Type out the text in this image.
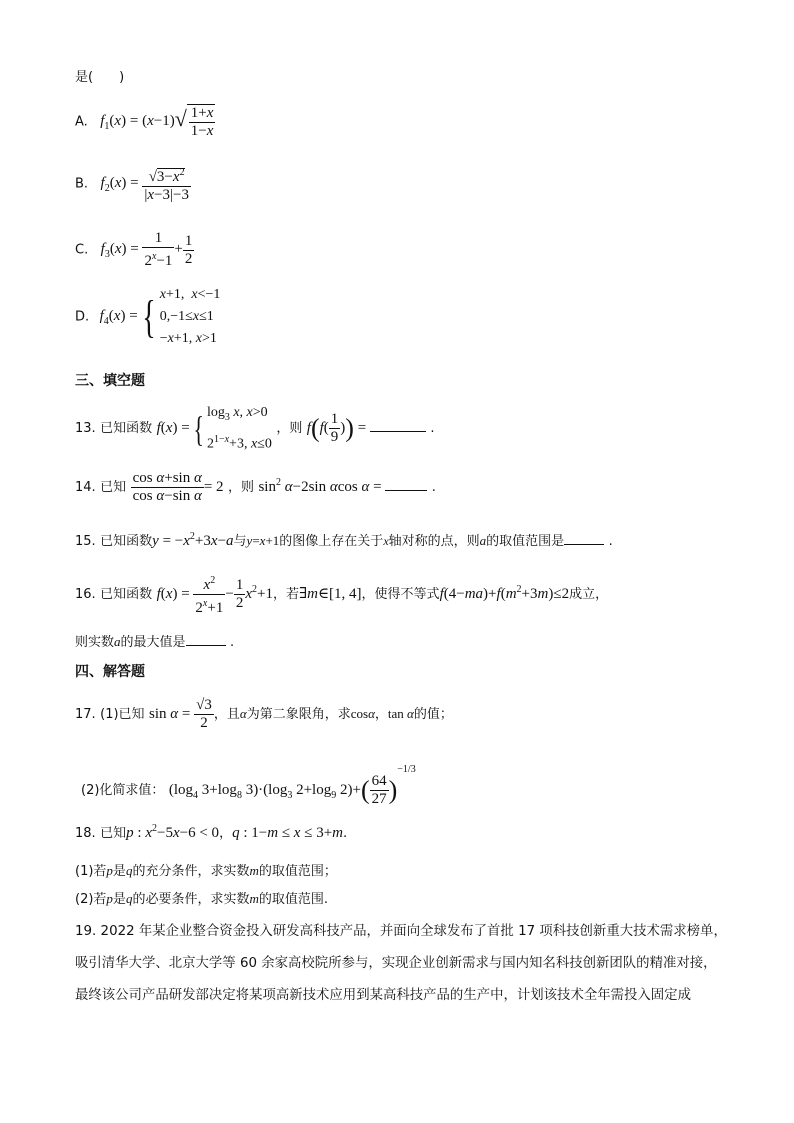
是(　　)
A. $f_1(x) = (x-1)√ \frac{1+x}{1-x}$
B. $f_2(x) = \frac{√3-x^2}{|x-3|-3}$
C. $f_3(x) = \frac{1}{2^x-1} + \frac{1}{2}$
D. $f_4(x)$ ={ x+1,  x<−1
0,−1≤x≤1
−x+1, x>1
三、填空题
13. 已知函数 f(x) ={ $\log_3 x$, x>0
$2^{1-x}+3$, x≤0
，则 $f(f( \frac{1}{9}$ )) =	.
14. 已知 $\frac{\text{cos α+sin α}}{\text{cos α−sin α}} = 2$ ，则 $\sin^2 \alpha-2\sin$ αcos α =	.
15. 已知函数$y = -x^2+3x-a$与y=x+1的图像上存在关于x轴对称的点，则a的取值范围是	.
16. 已知函数 $f(x) = \frac{x^2}{2^x+1} - \frac{1}{2} x^2+1$，若∃m∈[1, 4]，使得不等式$f(4-ma)+f(m^2+3m)\le 2$成立，
则实数a的最大值是	.
四、解答题
17. (1)已知 $\sin \alpha = \frac{√3}{2}$ ，且α为第二象限角，求cosα，tan α的值；
(2)化简求值： ($\log_4$ $3+\log_8$ $3)\cdot(\log_3$ $2+\log_9$ $2)+( \frac{64}{27} )^{-1/3}$
18. 已知p : $x^2-5x-6 < 0$，q : 1−m ≤ x ≤ 3+m.
(1)若p是q的充分条件，求实数m的取值范围；
(2)若p是q的必要条件，求实数m的取值范围.
19. 2022 年某企业整合资金投入研发高科技产品，并面向全球发布了首批 17 项科技创新重大技术需求榜单，
吸引清华大学、北京大学等 60 余家高校院所参与，实现企业创新需求与国内知名科技创新团队的精准对接，
最终该公司产品研发部决定将某项高新技术应用到某高科技产品的生产中，计划该技术全年需投入固定成
